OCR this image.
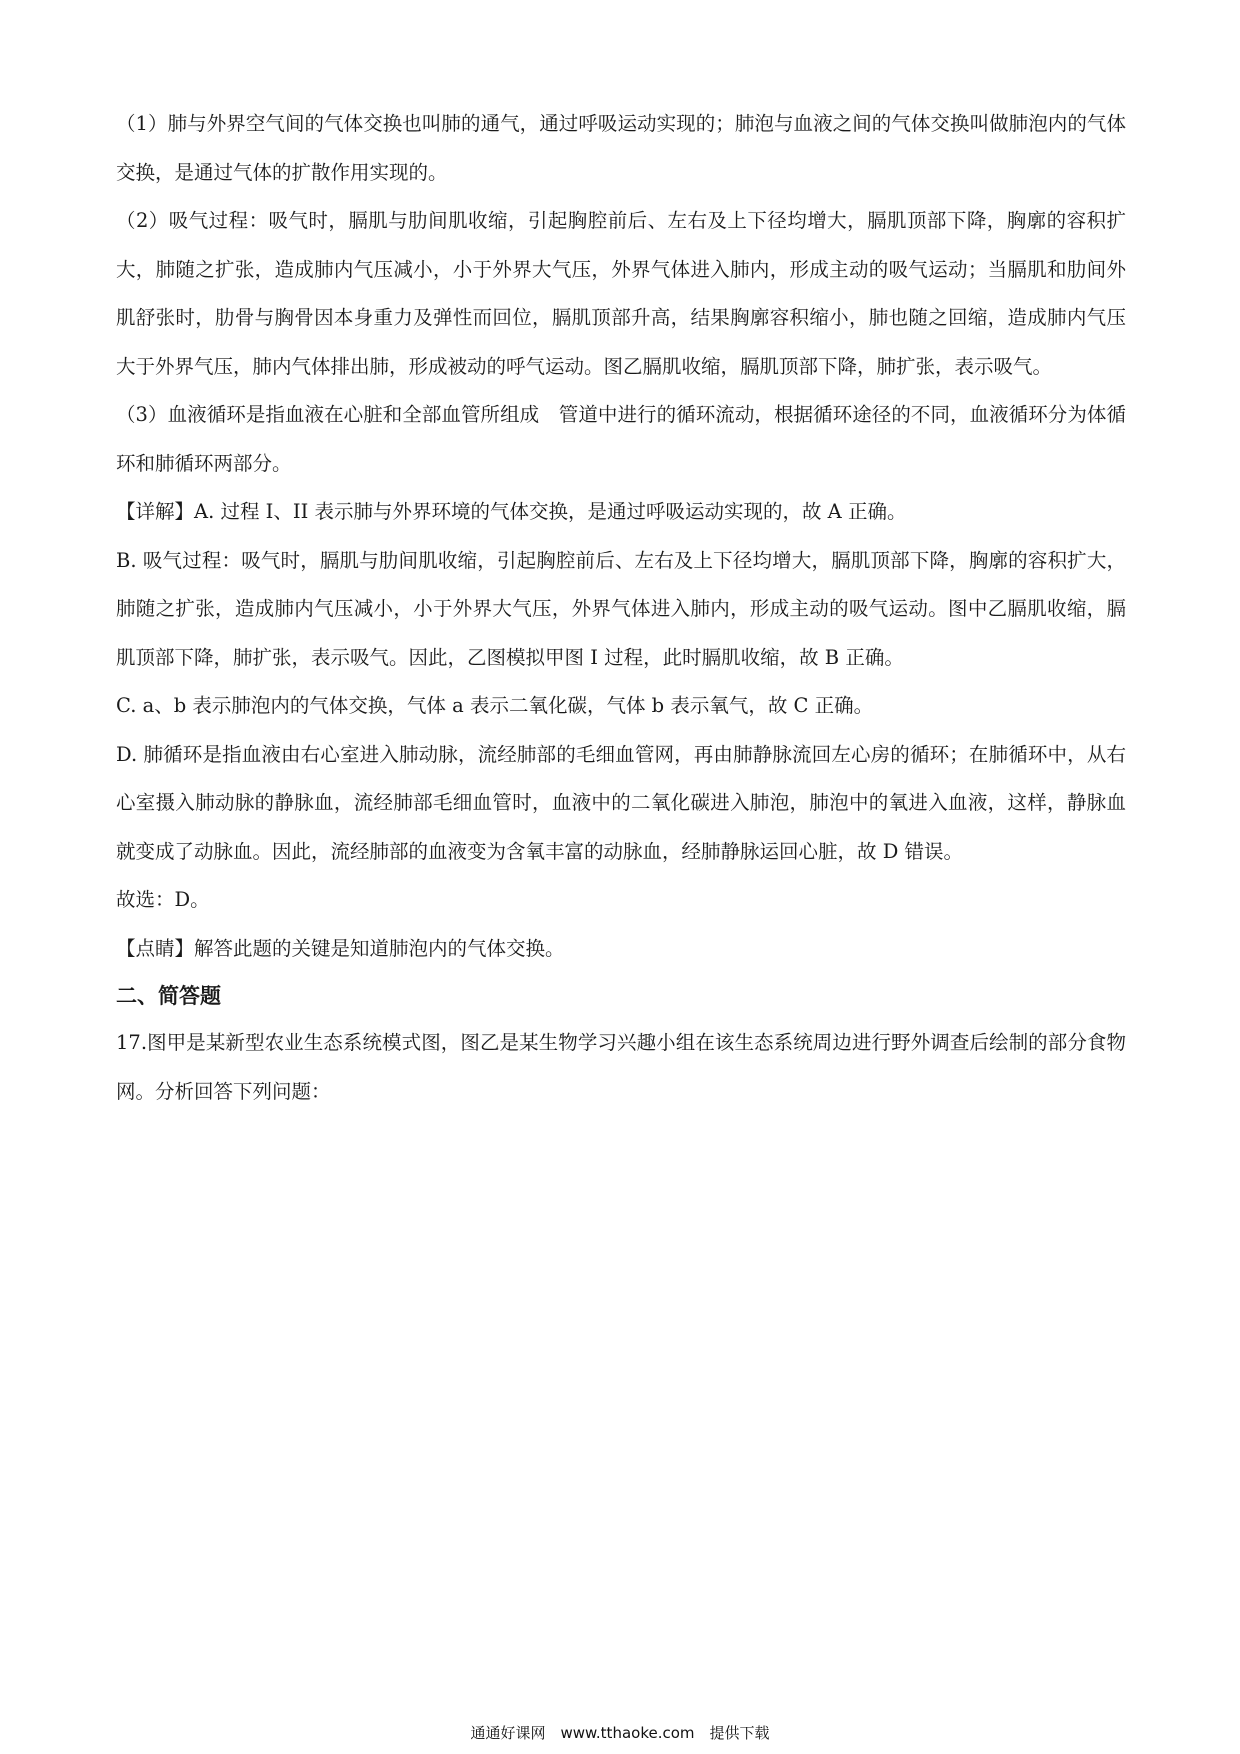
（1）肺与外界空气间的气体交换也叫肺的通气，通过呼吸运动实现的；肺泡与血液之间的气体交换叫做肺泡内的气体交换，是通过气体的扩散作用实现的。

（2）吸气过程：吸气时，膈肌与肋间肌收缩，引起胸腔前后、左右及上下径均增大，膈肌顶部下降，胸廓的容积扩大，肺随之扩张，造成肺内气压减小，小于外界大气压，外界气体进入肺内，形成主动的吸气运动；当膈肌和肋间外肌舒张时，肋骨与胸骨因本身重力及弹性而回位，膈肌顶部升高，结果胸廓容积缩小，肺也随之回缩，造成肺内气压大于外界气压，肺内气体排出肺，形成被动的呼气运动。图乙膈肌收缩，膈肌顶部下降，肺扩张，表示吸气。

（3）血液循环是指血液在心脏和全部血管所组成　管道中进行的循环流动，根据循环途径的不同，血液循环分为体循环和肺循环两部分。

【详解】A. 过程 I、II 表示肺与外界环境的气体交换，是通过呼吸运动实现的，故 A 正确。

B. 吸气过程：吸气时，膈肌与肋间肌收缩，引起胸腔前后、左右及上下径均增大，膈肌顶部下降，胸廓的容积扩大，肺随之扩张，造成肺内气压减小，小于外界大气压，外界气体进入肺内，形成主动的吸气运动。图中乙膈肌收缩，膈肌顶部下降，肺扩张，表示吸气。因此，乙图模拟甲图 I 过程，此时膈肌收缩，故 B 正确。

C. a、b 表示肺泡内的气体交换，气体 a 表示二氧化碳，气体 b 表示氧气，故 C 正确。

D. 肺循环是指血液由右心室进入肺动脉，流经肺部的毛细血管网，再由肺静脉流回左心房的循环；在肺循环中，从右心室摄入肺动脉的静脉血，流经肺部毛细血管时，血液中的二氧化碳进入肺泡，肺泡中的氧进入血液，这样，静脉血就变成了动脉血。因此，流经肺部的血液变为含氧丰富的动脉血，经肺静脉运回心脏，故 D 错误。

故选：D。

【点睛】解答此题的关键是知道肺泡内的气体交换。

二、简答题

17.图甲是某新型农业生态系统模式图，图乙是某生物学习兴趣小组在该生态系统周边进行野外调查后绘制的部分食物网。分析回答下列问题：

通通好课网　www.tthaoke.com　提供下载
